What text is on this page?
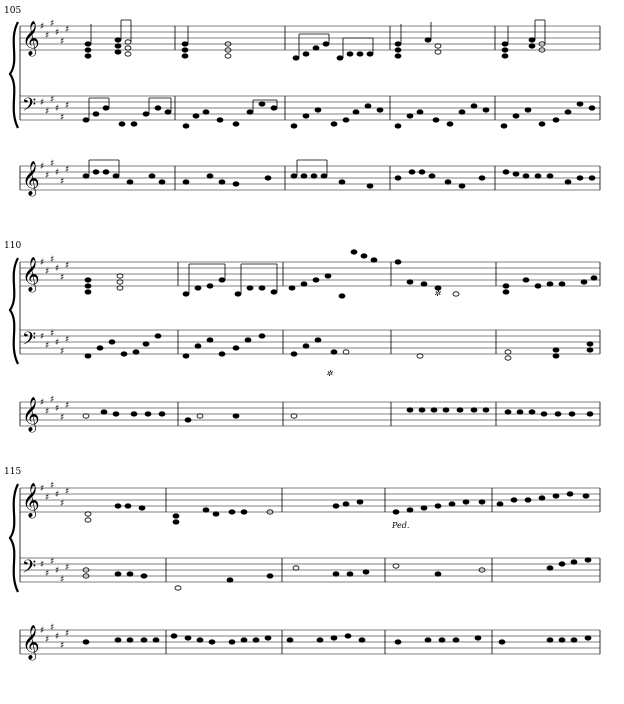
105
𝄞
𝄢
𝄞
♯
♯
♯
♯
♯
♯
♯
♯
♯
♯
♯
♯
♯
♯
♯
♯
♯
♯
110
𝄞
𝄢
𝄞
♯
♯
♯
♯
♯
♯
♯
♯
♯
♯
♯
♯
♯
♯
♯
♯
♯
♯
✲
✲
115
𝄞
𝄢
𝄞
♯
♯
♯
♯
♯
♯
♯
♯
♯
♯
♯
♯
♯
♯
♯
♯
♯
♯
Ped.
